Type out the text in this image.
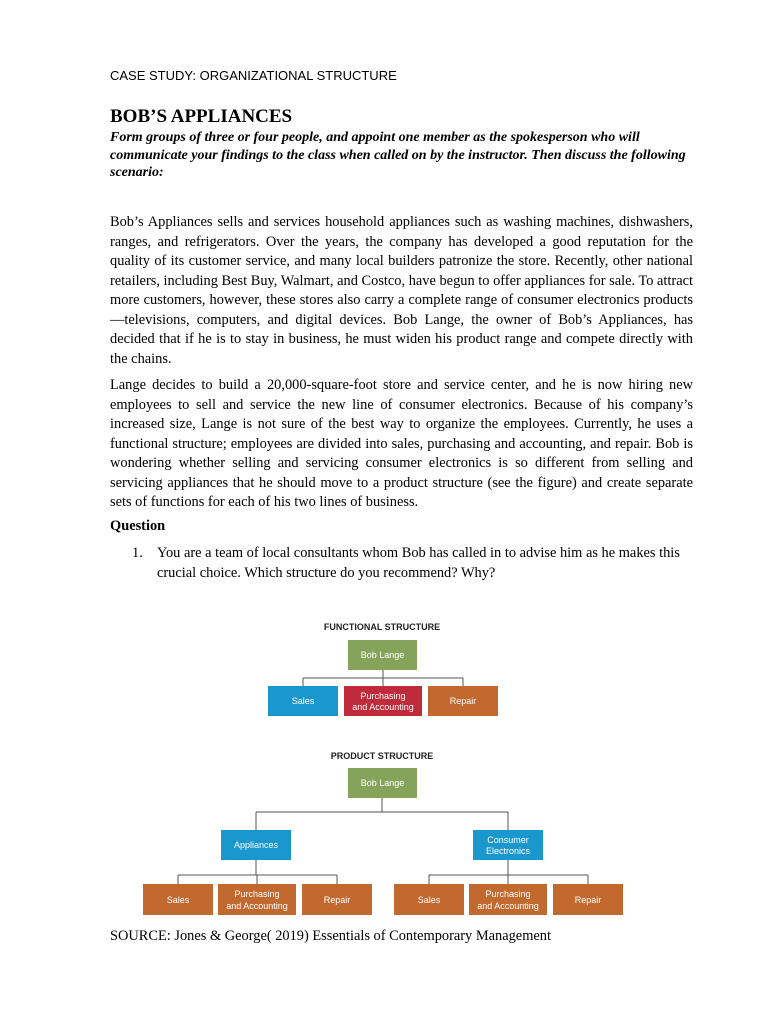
CASE STUDY: ORGANIZATIONAL STRUCTURE
BOB’S APPLIANCES
Form groups of three or four people, and appoint one member as the spokesperson who will communicate your findings to the class when called on by the instructor. Then discuss the following scenario:

Bob’s Appliances sells and services household appliances such as washing machines, dishwashers, ranges, and refrigerators. Over the years, the company has developed a good reputation for the quality of its customer service, and many local builders patronize the store. Recently, other national retailers, including Best Buy, Walmart, and Costco, have begun to offer appliances for sale. To attract more customers, however, these stores also carry a complete range of consumer electronics products—televisions, computers, and digital devices. Bob Lange, the owner of Bob’s Appliances, has decided that if he is to stay in business, he must widen his product range and compete directly with the chains.

Lange decides to build a 20,000-square-foot store and service center, and he is now hiring new employees to sell and service the new line of consumer electronics. Because of his company’s increased size, Lange is not sure of the best way to organize the employees. Currently, he uses a functional structure; employees are divided into sales, purchasing and accounting, and repair. Bob is wondering whether selling and servicing consumer electronics is so different from selling and servicing appliances that he should move to a product structure (see the figure) and create separate sets of functions for each of his two lines of business.

Question
1. You are a team of local consultants whom Bob has called in to advise him as he makes this crucial choice. Which structure do you recommend? Why?
FUNCTIONAL STRUCTURE
Bob Lange
Sales	Purchasing
and Accounting
Repair
PRODUCT STRUCTURE
Bob Lange
Appliances	Consumer
Electronics
Sales
Purchasing
and Accounting
Repair	Sales
Purchasing
and Accounting
Repair
SOURCE: Jones & George( 2019) Essentials of Contemporary Management
